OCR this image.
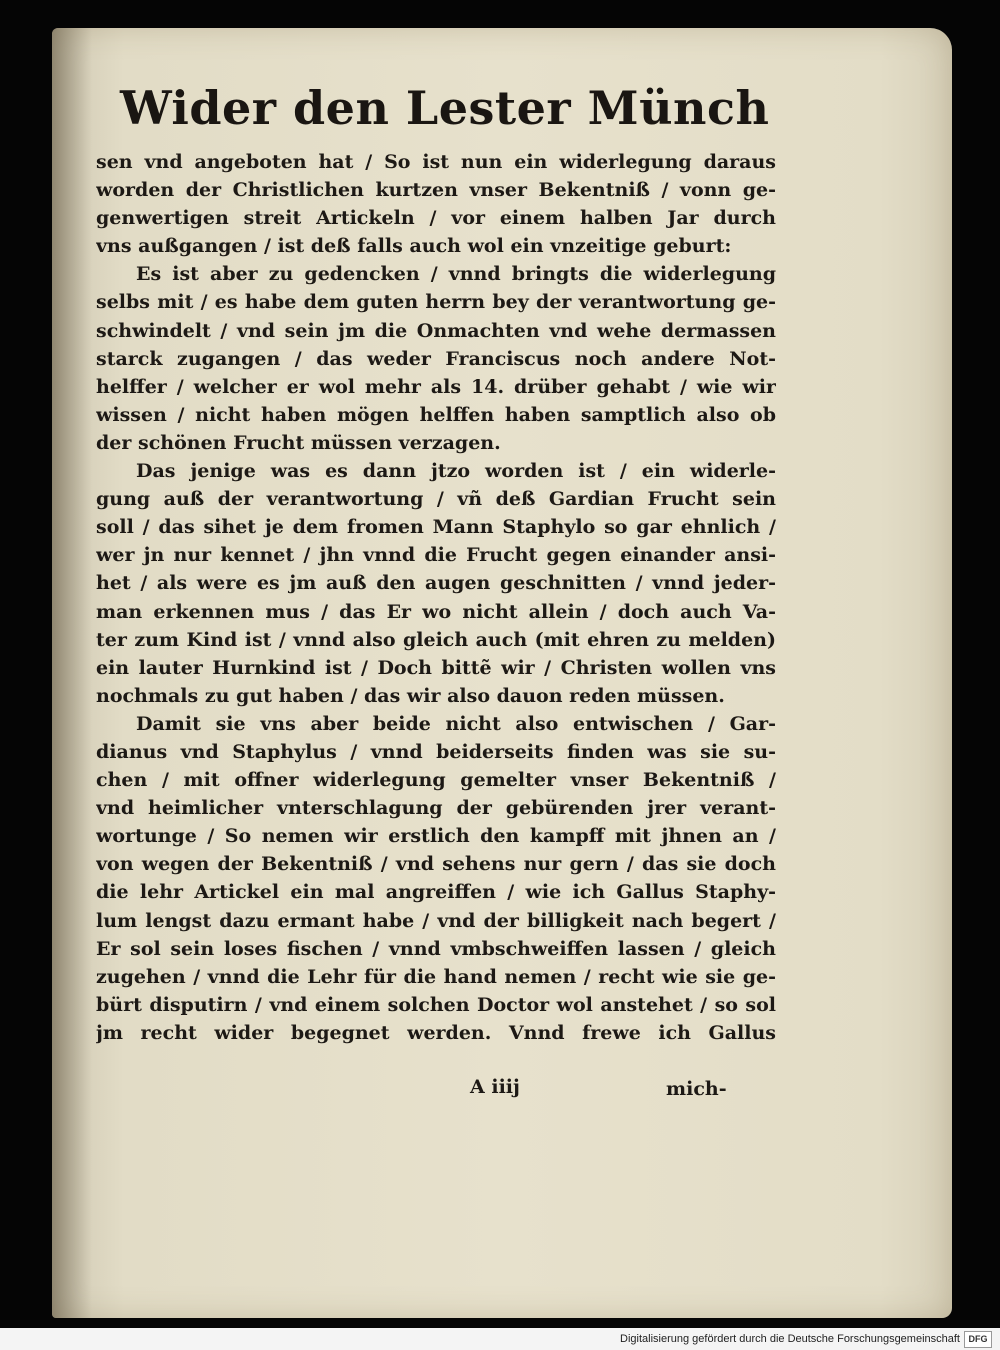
Wider den Lester Münch
sen vnd angeboten hat / So ist nun ein widerlegung daraus
worden der Christlichen kurtzen vnser Bekentniß / vonn ge-
genwertigen streit Artickeln / vor einem halben Jar durch
vns außgangen / ist deß falls auch wol ein vnzeitige geburt:
Es ist aber zu gedencken / vnnd bringts die widerlegung
selbs mit / es habe dem guten herrn bey der verantwortung ge-
schwindelt / vnd sein jm die Onmachten vnd wehe dermassen
starck zugangen / das weder Franciscus noch andere Not-
helffer / welcher er wol mehr als 14. drüber gehabt / wie wir
wissen / nicht haben mögen helffen haben samptlich also ob
der schönen Frucht müssen verzagen.
Das jenige was es dann jtzo worden ist / ein widerle-
gung auß der verantwortung / vñ deß Gardian Frucht sein
soll / das sihet je dem fromen Mann Staphylo so gar ehnlich /
wer jn nur kennet / jhn vnnd die Frucht gegen einander ansi-
het / als were es jm auß den augen geschnitten / vnnd jeder-
man erkennen mus / das Er wo nicht allein / doch auch Va-
ter zum Kind ist / vnnd also gleich auch (mit ehren zu melden)
ein lauter Hurnkind ist / Doch bittẽ wir / Christen wollen vns
nochmals zu gut haben / das wir also dauon reden müssen.
Damit sie vns aber beide nicht also entwischen / Gar-
dianus vnd Staphylus / vnnd beiderseits finden was sie su-
chen / mit offner widerlegung gemelter vnser Bekentniß /
vnd heimlicher vnterschlagung der gebürenden jrer verant-
wortunge / So nemen wir erstlich den kampff mit jhnen an /
von wegen der Bekentniß / vnd sehens nur gern / das sie doch
die lehr Artickel ein mal angreiffen / wie ich Gallus Staphy-
lum lengst dazu ermant habe / vnd der billigkeit nach begert /
Er sol sein loses fischen / vnnd vmbschweiffen lassen / gleich
zugehen / vnnd die Lehr für die hand nemen / recht wie sie ge-
bürt disputirn / vnd einem solchen Doctor wol anstehet / so sol
jm recht wider begegnet werden. Vnnd frewe ich Gallus
A iiij	mich-
Digitalisierung gefördert durch die Deutsche Forschungsgemeinschaft DFG
